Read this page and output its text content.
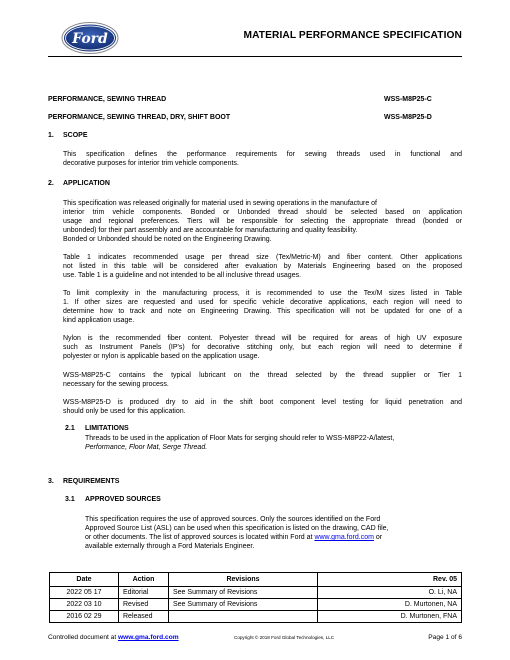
Ford	MATERIAL PERFORMANCE SPECIFICATION
PERFORMANCE, SEWING THREAD	WSS-M8P25-C
PERFORMANCE, SEWING THREAD, DRY, SHIFT BOOT	WSS-M8P25-D
1. SCOPE

This specification defines the performance requirements for sewing threads used in functional and
decorative purposes for interior trim vehicle components.

2. APPLICATION

This specification was released originally for material used in sewing operations in the manufacture of
interior trim vehicle components. Bonded or Unbonded thread should be selected based on application
usage and regional preferences. Tiers will be responsible for selecting the appropriate thread (bonded or
unbonded) for their part assembly and are accountable for manufacturing and quality feasibility.
Bonded or Unbonded should be noted on the Engineering Drawing.

Table 1 indicates recommended usage per thread size (Tex/Metric-M) and fiber content. Other applications
not listed in this table will be considered after evaluation by Materials Engineering based on the proposed
use. Table 1 is a guideline and not intended to be all inclusive thread usages.

To limit complexity in the manufacturing process, it is recommended to use the Tex/M sizes listed in Table
1. If other sizes are requested and used for specific vehicle decorative applications, each region will need to
determine how to track and note on Engineering Drawing. This specification will not be updated for one of a
kind application usage.

Nylon is the recommended fiber content. Polyester thread will be required for areas of high UV exposure
such as Instrument Panels (IP's) for decorative stitching only, but each region will need to determine if
polyester or nylon is applicable based on the application usage.

WSS-M8P25-C contains the typical lubricant on the thread selected by the thread supplier or Tier 1
necessary for the sewing process.

WSS-M8P25-D is produced dry to aid in the shift boot component level testing for liquid penetration and
should only be used for this application.

2.1 LIMITATIONS

Threads to be used in the application of Floor Mats for serging should refer to WSS-M8P22-A/latest,
Performance, Floor Mat, Serge Thread.

3. REQUIREMENTS
3.1 APPROVED SOURCES

This specification requires the use of approved sources. Only the sources identified on the Ford
Approved Source List (ASL) can be used when this specification is listed on the drawing, CAD file,
or other documents. The list of approved sources is located within Ford at www.gma.ford.com or
available externally through a Ford Materials Engineer.

Date	Action	Revisions	Rev. 05
2022 05 17	Editorial	See Summary of Revisions	O. Li, NA
2022 03 10	Revised	See Summary of Revisions	D. Murtonen, NA
2016 02 29	Released		D. Murtonen, FNA
Controlled document at www.gma.ford.com	Copyright © 2018 Ford Global Technologies, LLC	Page 1 of 6
